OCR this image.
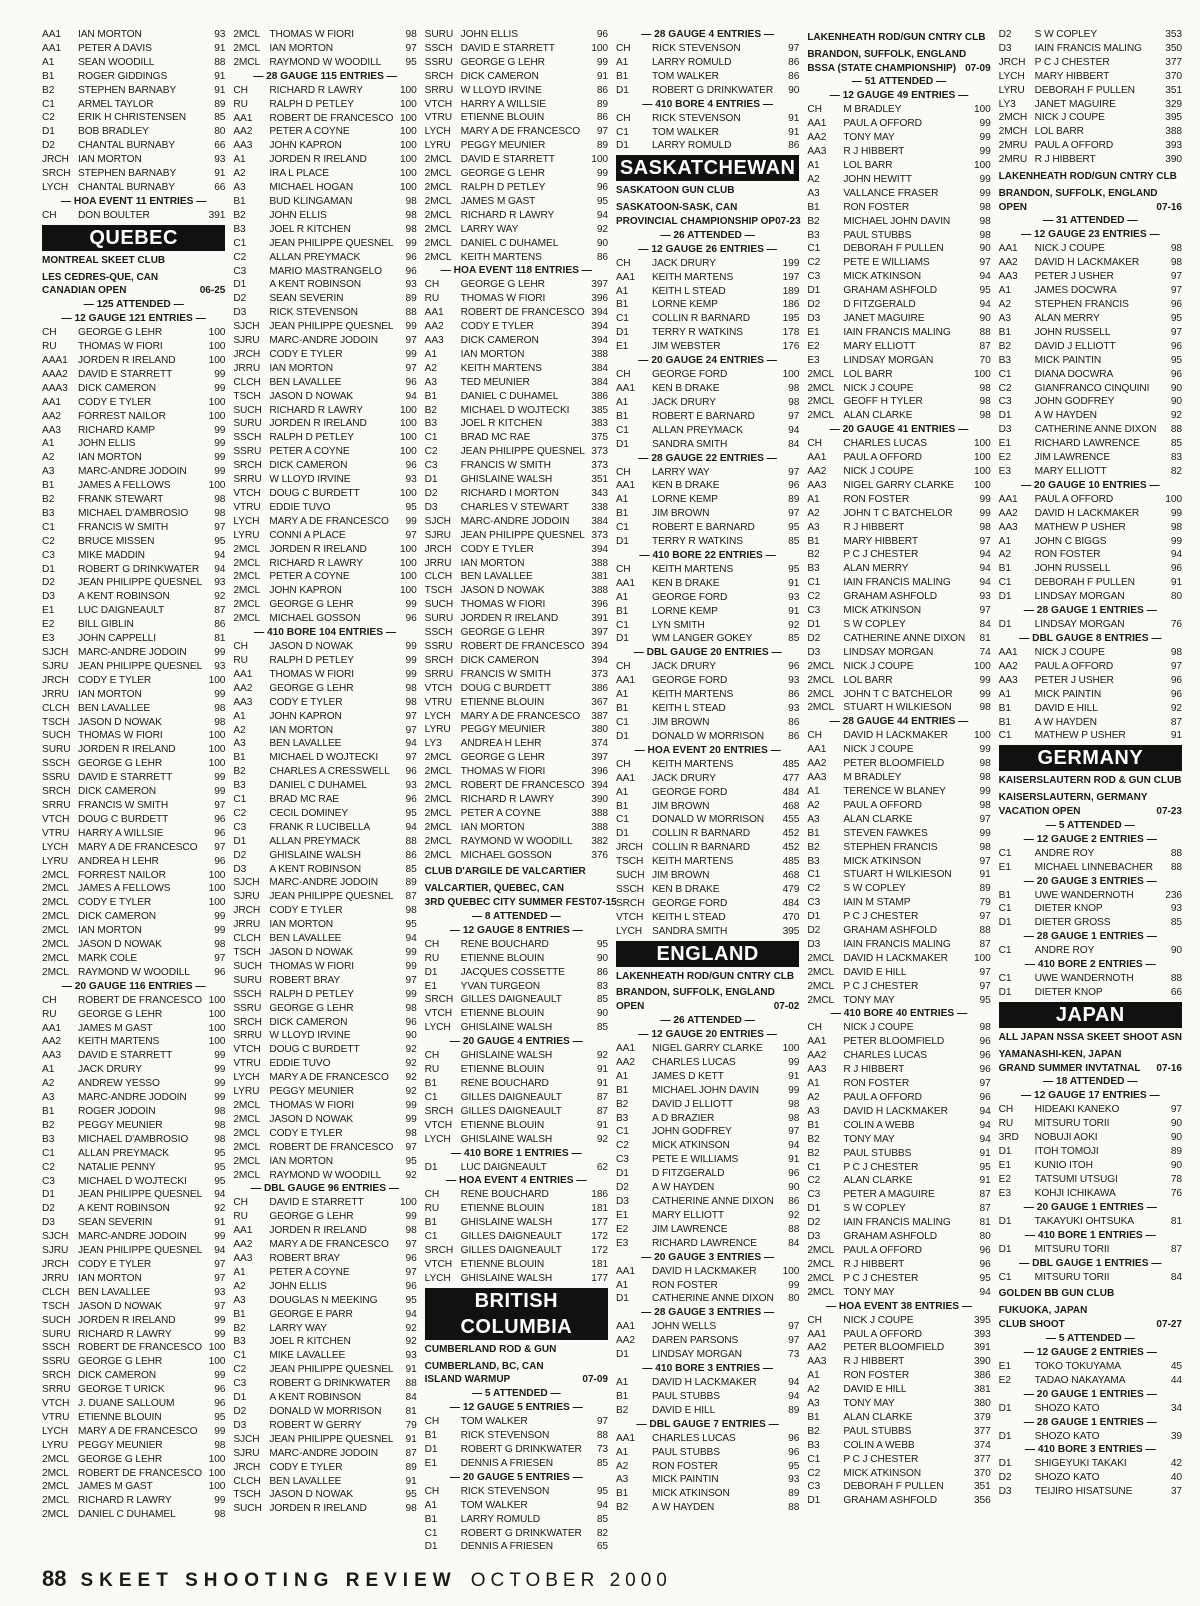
AA1	IAN MORTON	93
AA1	PETER A DAVIS	91
A1	SEAN WOODILL	88
B1	ROGER GIDDINGS	91
B2	STEPHEN BARNABY	91
C1	ARMEL TAYLOR	89
C2	ERIK H CHRISTENSEN	85
D1	BOB BRADLEY	80
D2	CHANTAL BURNABY	66
JRCH IAN MORTON	93
SRCH STEPHEN BARNABY	91
LYCH CHANTAL BURNABY	66
— HOA EVENT 11 ENTRIES —
CH	DON BOULTER	391
QUEBEC
MONTREAL SKEET CLUB
LES CEDRES-QUE, CAN
CANADIAN OPEN	06-25
— 125 ATTENDED —
— 12 GAUGE 121 ENTRIES —
CH	GEORGE G LEHR	100
RU	THOMAS W FIORI	100
AAA1	JORDEN R IRELAND	100
AAA2	DAVID E STARRETT	99
AAA3	DICK CAMERON	99
AA1	CODY E TYLER	100
AA2	FORREST NAILOR	100
AA3	RICHARD KAMP	99
A1	JOHN ELLIS	99
A2	IAN MORTON	99
A3	MARC-ANDRE JODOIN	99
B1	JAMES A FELLOWS	100
B2	FRANK STEWART	98
B3	MICHAEL D'AMBROSIO	98
C1	FRANCIS W SMITH	97
C2	BRUCE MISSEN	95
C3	MIKE MADDIN	94
D1	ROBERT G DRINKWATER	94
D2	JEAN PHILIPPE QUESNEL	93
D3	A KENT ROBINSON	92
E1	LUC DAIGNEAULT	87
E2	BILL GIBLIN	86
E3	JOHN CAPPELLI	81
SJCH MARC-ANDRE JODOIN	99
SJRU JEAN PHILIPPE QUESNEL	93
JRCH CODY E TYLER	100
JRRU IAN MORTON	99
CLCH BEN LAVALLEE	98
TSCH JASON D NOWAK	98
SUCH THOMAS W FIORI	100
SURU JORDEN R IRELAND	100
SSCH GEORGE G LEHR	100
SSRU DAVID E STARRETT	99
SRCH DICK CAMERON	99
SRRU FRANCIS W SMITH	97
VTCH DOUG C BURDETT	96
VTRU HARRY A WILLSIE	96
LYCH MARY A DE FRANCESCO	97
LYRU ANDREA H LEHR	96
2MCL FORREST NAILOR	100
2MCL JAMES A FELLOWS	100
2MCL CODY E TYLER	100
2MCL DICK CAMERON	99
2MCL IAN MORTON	99
2MCL JASON D NOWAK	98
2MCL MARK COLE	97
2MCL RAYMOND W WOODILL	96
— 20 GAUGE 116 ENTRIES —
CH	ROBERT DE FRANCESCO 100
RU	GEORGE G LEHR	100
AA1	JAMES M GAST	100
AA2	KEITH MARTENS	100
AA3	DAVID E STARRETT	99
A1	JACK DRURY	99
A2	ANDREW YESSO	99
A3	MARC-ANDRE JODOIN	99
B1	ROGER JODOIN	98
B2	PEGGY MEUNIER	98
B3	MICHAEL D'AMBROSIO	98
C1	ALLAN PREYMACK	95
C2	NATALIE PENNY	95
C3	MICHAEL D WOJTECKI	95
D1	JEAN PHILIPPE QUESNEL	94
D2	A KENT ROBINSON	92
D3	SEAN SEVERIN	91
SJCH MARC-ANDRE JODOIN	99
SJRU JEAN PHILIPPE QUESNEL	94
JRCH CODY E TYLER	97
JRRU IAN MORTON	97
CLCH BEN LAVALLEE	93
TSCH JASON D NOWAK	97
SUCH JORDEN R IRELAND	99
SURU RICHARD R LAWRY	99
SSCH ROBERT DE FRANCESCO 100
SSRU GEORGE G LEHR	100
SRCH DICK CAMERON	99
SRRU GEORGE T URICK	96
VTCH J. DUANE SALLOUM	96
VTRU ETIENNE BLOUIN	95
LYCH MARY A DE FRANCESCO	99
LYRU PEGGY MEUNIER	98
2MCL GEORGE G LEHR	100
2MCL ROBERT DE FRANCESCO 100
2MCL JAMES M GAST	100
2MCL RICHARD R LAWRY	99
2MCL DANIEL C DUHAMEL	98
2MCL THOMAS W FIORI	98
2MCL IAN MORTON	97
2MCL RAYMOND W WOODILL	95
— 28 GAUGE 115 ENTRIES —
CH	RICHARD R LAWRY	100
RU	RALPH D PETLEY	100
AA1	ROBERT DE FRANCESCO 100
AA2	PETER A COYNE	100
AA3	JOHN KAPRON	100
A1	JORDEN R IRELAND	100
A2	IRA L PLACE	100
A3	MICHAEL HOGAN	100
B1	BUD KLINGAMAN	98
B2	JOHN ELLIS	98
B3	JOEL R KITCHEN	98
C1	JEAN PHILIPPE QUESNEL	99
C2	ALLAN PREYMACK	96
C3	MARIO MASTRANGELO	96
D1	A KENT ROBINSON	93
D2	SEAN SEVERIN	89
D3	RICK STEVENSON	88
SJCH JEAN PHILIPPE QUESNEL	99
SJRU MARC-ANDRE JODOIN	97
JRCH CODY E TYLER	99
JRRU IAN MORTON	97
CLCH BEN LAVALLEE	96
TSCH JASON D NOWAK	94
SUCH RICHARD R LAWRY	100
SURU JORDEN R IRELAND	100
SSCH RALPH D PETLEY	100
SSRU PETER A COYNE	100
SRCH DICK CAMERON	96
SRRU W LLOYD IRVINE	93
VTCH DOUG C BURDETT	100
VTRU EDDIE TUVO	95
LYCH MARY A DE FRANCESCO	99
LYRU CONNI A PLACE	97
2MCL JORDEN R IRELAND	100
2MCL RICHARD R LAWRY	100
2MCL PETER A COYNE	100
2MCL JOHN KAPRON	100
2MCL GEORGE G LEHR	99
2MCL MICHAEL GOSSON	96
— 410 BORE 104 ENTRIES —
CH	JASON D NOWAK	99
RU	RALPH D PETLEY	99
AA1	THOMAS W FIORI	99
AA2	GEORGE G LEHR	98
AA3	CODY E TYLER	98
A1	JOHN KAPRON	97
A2	IAN MORTON	97
A3	BEN LAVALLEE	94
B1	MICHAEL D WOJTECKI	97
B2	CHARLES A CRESSWELL	96
B3	DANIEL C DUHAMEL	93
C1	BRAD MC RAE	96
C2	CECIL DOMINEY	95
C3	FRANK R LUCIBELLA	94
D1	ALLAN PREYMACK	88
D2	GHISLAINE WALSH	86
D3	A KENT ROBINSON	85
SJCH MARC-ANDRE JODOIN	89
SJRU JEAN PHILIPPE QUESNEL	87
JRCH CODY E TYLER	98
JRRU IAN MORTON	95
CLCH BEN LAVALLEE	94
TSCH JASON D NOWAK	99
SUCH THOMAS W FIORI	99
SURU ROBERT BRAY	97
SSCH RALPH D PETLEY	99
SSRU GEORGE G LEHR	98
SRCH DICK CAMERON	96
SRRU W LLOYD IRVINE	90
VTCH DOUG C BURDETT	92
VTRU EDDIE TUVO	92
LYCH MARY A DE FRANCESCO	92
LYRU PEGGY MEUNIER	92
2MCL THOMAS W FIORI	99
2MCL JASON D NOWAK	99
2MCL CODY E TYLER	98
2MCL ROBERT DE FRANCESCO	97
2MCL IAN MORTON	95
2MCL RAYMOND W WOODILL	92
— DBL GAUGE 96 ENTRIES —
CH	DAVID E STARRETT	100
RU	GEORGE G LEHR	99
AA1	JORDEN R IRELAND	98
AA2	MARY A DE FRANCESCO	97
AA3	ROBERT BRAY	96
A1	PETER A COYNE	97
A2	JOHN ELLIS	96
A3	DOUGLAS N MEEKING	95
B1	GEORGE E PARR	94
B2	LARRY WAY	92
B3	JOEL R KITCHEN	92
C1	MIKE LAVALLEE	93
C2	JEAN PHILIPPE QUESNEL	91
C3	ROBERT G DRINKWATER	88
D1	A KENT ROBINSON	84
D2	DONALD W MORRISON	81
D3	ROBERT W GERRY	79
SJCH JEAN PHILIPPE QUESNEL	91
SJRU MARC-ANDRE JODOIN	87
JRCH CODY E TYLER	89
CLCH BEN LAVALLEE	91
TSCH JASON D NOWAK	95
SUCH JORDEN R IRELAND	98
SURU JOHN ELLIS	96
SSCH DAVID E STARRETT	100
SSRU GEORGE G LEHR	99
SRCH DICK CAMERON	91
SRRU W LLOYD IRVINE	86
VTCH HARRY A WILLSIE	89
VTRU ETIENNE BLOUIN	86
LYCH MARY A DE FRANCESCO	97
LYRU PEGGY MEUNIER	89
2MCL DAVID E STARRETT	100
2MCL GEORGE G LEHR	99
2MCL RALPH D PETLEY	96
2MCL JAMES M GAST	95
2MCL RICHARD R LAWRY	94
2MCL LARRY WAY	92
2MCL DANIEL C DUHAMEL	90
2MCL KEITH MARTENS	86
— HOA EVENT 118 ENTRIES —
CH	GEORGE G LEHR	397
RU	THOMAS W FIORI	396
AA1	ROBERT DE FRANCESCO 394
AA2	CODY E TYLER	394
AA3	DICK CAMERON	394
A1	IAN MORTON	388
A2	KEITH MARTENS	384
A3	TED MEUNIER	384
B1	DANIEL C DUHAMEL	386
B2	MICHAEL D WOJTECKI	385
B3	JOEL R KITCHEN	383
C1	BRAD MC RAE	375
C2	JEAN PHILIPPE QUESNEL 373
C3	FRANCIS W SMITH	373
D1	GHISLAINE WALSH	351
D2	RICHARD I MORTON	343
D3	CHARLES V STEWART	338
SJCH MARC-ANDRE JODOIN	384
SJRU JEAN PHILIPPE QUESNEL 373
JRCH CODY E TYLER	394
JRRU IAN MORTON	388
CLCH BEN LAVALLEE	381
TSCH JASON D NOWAK	388
SUCH THOMAS W FIORI	396
SURU JORDEN R IRELAND	391
SSCH GEORGE G LEHR	397
SSRU ROBERT DE FRANCESCO 394
SRCH DICK CAMERON	394
SRRU FRANCIS W SMITH	373
VTCH DOUG C BURDETT	386
VTRU ETIENNE BLOUIN	367
LYCH MARY A DE FRANCESCO	387
LYRU PEGGY MEUNIER	380
LY3	ANDREA H LEHR	374
2MCL GEORGE G LEHR	397
2MCL THOMAS W FIORI	396
2MCL ROBERT DE FRANCESCO 394
2MCL RICHARD R LAWRY	390
2MCL PETER A COYNE	388
2MCL IAN MORTON	388
2MCL RAYMOND W WOODILL	382
2MCL MICHAEL GOSSON	376
CLUB D'ARGILE DE VALCARTIER
VALCARTIER, QUEBEC, CAN
3RD QUEBEC CITY SUMMER FEST 07-15
— 8 ATTENDED —
— 12 GAUGE 8 ENTRIES —
CH	RENE BOUCHARD	95
RU	ETIENNE BLOUIN	90
D1	JACQUES COSSETTE	86
E1	YVAN TURGEON	83
SRCH GILLES DAIGNEAULT	85
VTCH ETIENNE BLOUIN	90
LYCH GHISLAINE WALSH	85
— 20 GAUGE 4 ENTRIES —
CH	GHISLAINE WALSH	92
RU	ETIENNE BLOUIN	91
B1	RENE BOUCHARD	91
C1	GILLES DAIGNEAULT	87
SRCH GILLES DAIGNEAULT	87
VTCH ETIENNE BLOUIN	91
LYCH GHISLAINE WALSH	92
— 410 BORE 1 ENTRIES —
D1	LUC DAIGNEAULT	62
— HOA EVENT 4 ENTRIES —
CH	RENE BOUCHARD	186
RU	ETIENNE BLOUIN	181
B1	GHISLAINE WALSH	177
C1	GILLES DAIGNEAULT	172
SRCH GILLES DAIGNEAULT	172
VTCH ETIENNE BLOUIN	181
LYCH GHISLAINE WALSH	177
BRITISH COLUMBIA
CUMBERLAND ROD & GUN
CUMBERLAND, BC, CAN
ISLAND WARMUP	07-09
— 5 ATTENDED —
— 12 GAUGE 5 ENTRIES —
CH	TOM WALKER	97
B1	RICK STEVENSON	88
D1	ROBERT G DRINKWATER	73
E1	DENNIS A FRIESEN	85
— 20 GAUGE 5 ENTRIES —
CH	RICK STEVENSON	95
A1	TOM WALKER	94
B1	LARRY ROMULD	85
C1	ROBERT G DRINKWATER	82
D1	DENNIS A FRIESEN	65
— 28 GAUGE 4 ENTRIES —
CH	RICK STEVENSON	97
A1	LARRY ROMULD	86
B1	TOM WALKER	86
D1	ROBERT G DRINKWATER	90
— 410 BORE 4 ENTRIES —
CH	RICK STEVENSON	91
C1	TOM WALKER	91
D1	LARRY ROMULD	86
SASKATCHEWAN
SASKATOON GUN CLUB
SASKATOON-SASK, CAN
PROVINCIAL CHAMPIONSHIP OP 07-23
— 26 ATTENDED —
— 12 GAUGE 26 ENTRIES —
CH	JACK DRURY	199
AA1	KEITH MARTENS	197
A1	KEITH L STEAD	189
B1	LORNE KEMP	186
C1	COLLIN R BARNARD	195
D1	TERRY R WATKINS	178
E1	JIM WEBSTER	176
— 20 GAUGE 24 ENTRIES —
CH	GEORGE FORD	100
AA1	KEN B DRAKE	98
A1	JACK DRURY	98
B1	ROBERT E BARNARD	97
C1	ALLAN PREYMACK	94
D1	SANDRA SMITH	84
— 28 GAUGE 22 ENTRIES —
CH	LARRY WAY	97
AA1	KEN B DRAKE	96
A1	LORNE KEMP	89
B1	JIM BROWN	97
C1	ROBERT E BARNARD	95
D1	TERRY R WATKINS	85
— 410 BORE 22 ENTRIES —
CH	KEITH MARTENS	95
AA1	KEN B DRAKE	91
A1	GEORGE FORD	93
B1	LORNE KEMP	91
C1	LYN SMITH	92
D1	WM LANGER GOKEY	85
— DBL GAUGE 20 ENTRIES —
CH	JACK DRURY	96
AA1	GEORGE FORD	93
A1	KEITH MARTENS	86
B1	KEITH L STEAD	93
C1	JIM BROWN	86
D1	DONALD W MORRISON	86
— HOA EVENT 20 ENTRIES —
CH	KEITH MARTENS	485
AA1	JACK DRURY	477
A1	GEORGE FORD	484
B1	JIM BROWN	468
C1	DONALD W MORRISON	455
D1	COLLIN R BARNARD	452
JRCH COLLIN R BARNARD	452
TSCH KEITH MARTENS	485
SUCH JIM BROWN	468
SSCH KEN B DRAKE	479
SRCH GEORGE FORD	484
VTCH KEITH L STEAD	470
LYCH SANDRA SMITH	395
ENGLAND
LAKENHEATH ROD/GUN CNTRY CLB
BRANDON, SUFFOLK, ENGLAND
OPEN	07-02
— 26 ATTENDED —
— 12 GAUGE 20 ENTRIES —
AA1	NIGEL GARRY CLARKE	100
AA2	CHARLES LUCAS	99
A1	JAMES D KETT	91
B1	MICHAEL JOHN DAVIN	99
B2	DAVID J ELLIOTT	98
B3	A D BRAZIER	98
C1	JOHN GODFREY	97
C2	MICK ATKINSON	94
C3	PETE E WILLIAMS	91
D1	D FITZGERALD	96
D2	A W HAYDEN	90
D3	CATHERINE ANNE DIXON	86
E1	MARY ELLIOTT	92
E2	JIM LAWRENCE	88
E3	RICHARD LAWRENCE	84
— 20 GAUGE 3 ENTRIES —
AA1	DAVID H LACKMAKER	100
A1	RON FOSTER	99
D1	CATHERINE ANNE DIXON	80
— 28 GAUGE 3 ENTRIES —
AA1	JOHN WELLS	97
AA2	DAREN PARSONS	97
D1	LINDSAY MORGAN	73
— 410 BORE 3 ENTRIES —
A1	DAVID H LACKMAKER	94
B1	PAUL STUBBS	94
B2	DAVID E HILL	89
— DBL GAUGE 7 ENTRIES —
AA1	CHARLES LUCAS	96
A1	PAUL STUBBS	96
A2	RON FOSTER	95
A3	MICK PAINTIN	93
B1	MICK ATKINSON	89
B2	A W HAYDEN	88
LAKENHEATH ROD/GUN CNTRY CLB
BRANDON, SUFFOLK, ENGLAND
BSSA (STATE CHAMPIONSHIP) 07-09
— 51 ATTENDED —
— 12 GAUGE 49 ENTRIES —
CH	M BRADLEY	100
AA1	PAUL A OFFORD	99
AA2	TONY MAY	99
AA3	R J HIBBERT	99
A1	LOL BARR	100
A2	JOHN HEWITT	99
A3	VALLANCE FRASER	99
B1	RON FOSTER	98
B2	MICHAEL JOHN DAVIN	98
B3	PAUL STUBBS	98
C1	DEBORAH F PULLEN	90
C2	PETE E WILLIAMS	97
C3	MICK ATKINSON	94
D1	GRAHAM ASHFOLD	95
D2	D FITZGERALD	94
D3	JANET MAGUIRE	90
E1	IAIN FRANCIS MALING	88
E2	MARY ELLIOTT	87
E3	LINDSAY MORGAN	70
2MCL LOL BARR	100
2MCL NICK J COUPE	98
2MCL GEOFF H TYLER	98
2MCL ALAN CLARKE	98
— 20 GAUGE 41 ENTRIES —
CH	CHARLES LUCAS	100
AA1	PAUL A OFFORD	100
AA2	NICK J COUPE	100
AA3	NIGEL GARRY CLARKE	100
A1	RON FOSTER	99
A2	JOHN T C BATCHELOR	99
A3	R J HIBBERT	98
B1	MARY HIBBERT	97
B2	P C J CHESTER	94
B3	ALAN MERRY	94
C1	IAIN FRANCIS MALING	94
C2	GRAHAM ASHFOLD	93
C3	MICK ATKINSON	97
D1	S W COPLEY	84
D2	CATHERINE ANNE DIXON	81
D3	LINDSAY MORGAN	74
2MCL NICK J COUPE	100
2MCL LOL BARR	99
2MCL JOHN T C BATCHELOR	99
2MCL STUART H WILKIESON	98
— 28 GAUGE 44 ENTRIES —
CH	DAVID H LACKMAKER	100
AA1	NICK J COUPE	99
AA2	PETER BLOOMFIELD	98
AA3	M BRADLEY	98
A1	TERENCE W BLANEY	99
A2	PAUL A OFFORD	98
A3	ALAN CLARKE	97
B1	STEVEN FAWKES	99
B2	STEPHEN FRANCIS	98
B3	MICK ATKINSON	97
C1	STUART H WILKIESON	91
C2	S W COPLEY	89
C3	IAIN M STAMP	79
D1	P C J CHESTER	97
D2	GRAHAM ASHFOLD	88
D3	IAIN FRANCIS MALING	87
2MCL DAVID H LACKMAKER	100
2MCL DAVID E HILL	97
2MCL P C J CHESTER	97
2MCL TONY MAY	95
— 410 BORE 40 ENTRIES —
CH	NICK J COUPE	98
AA1	PETER BLOOMFIELD	96
AA2	CHARLES LUCAS	96
AA3	R J HIBBERT	96
A1	RON FOSTER	97
A2	PAUL A OFFORD	96
A3	DAVID H LACKMAKER	94
B1	COLIN A WEBB	94
B2	TONY MAY	94
B2	PAUL STUBBS	91
C1	P C J CHESTER	95
C2	ALAN CLARKE	91
C3	PETER A MAGUIRE	87
D1	S W COPLEY	87
D2	IAIN FRANCIS MALING	81
D3	GRAHAM ASHFOLD	80
2MCL PAUL A OFFORD	96
2MCL R J HIBBERT	96
2MCL P C J CHESTER	95
2MCL TONY MAY	94
— HOA EVENT 38 ENTRIES —
CH	NICK J COUPE	395
AA1	PAUL A OFFORD	393
AA2	PETER BLOOMFIELD	391
AA3	R J HIBBERT	390
A1	RON FOSTER	386
A2	DAVID E HILL	381
A3	TONY MAY	380
B1	ALAN CLARKE	379
B2	PAUL STUBBS	377
B3	COLIN A WEBB	374
C1	P C J CHESTER	377
C2	MICK ATKINSON	370
C3	DEBORAH F PULLEN	351
D1	GRAHAM ASHFOLD	356
D2	S W COPLEY	353
D3	IAIN FRANCIS MALING	350
JRCH P C J CHESTER	377
LYCH MARY HIBBERT	370
LYRU DEBORAH F PULLEN	351
LY3	JANET MAGUIRE	329
2MCH NICK J COUPE	395
2MCH LOL BARR	388
2MRU PAUL A OFFORD	393
2MRU R J HIBBERT	390
LAKENHEATH ROD/GUN CNTRY CLB
BRANDON, SUFFOLK, ENGLAND
OPEN	07-16
— 31 ATTENDED —
— 12 GAUGE 23 ENTRIES —
AA1	NICK J COUPE	98
AA2	DAVID H LACKMAKER	98
AA3	PETER J USHER	97
A1	JAMES DOCWRA	97
A2	STEPHEN FRANCIS	96
A3	ALAN MERRY	95
B1	JOHN RUSSELL	97
B2	DAVID J ELLIOTT	96
B3	MICK PAINTIN	95
C1	DIANA DOCWRA	96
C2	GIANFRANCO CINQUINI	90
C3	JOHN GODFREY	90
D1	A W HAYDEN	92
D3	CATHERINE ANNE DIXON	88
E1	RICHARD LAWRENCE	85
E2	JIM LAWRENCE	83
E3	MARY ELLIOTT	82
— 20 GAUGE 10 ENTRIES —
AA1	PAUL A OFFORD	100
AA2	DAVID H LACKMAKER	99
AA3	MATHEW P USHER	98
A1	JOHN C BIGGS	99
A2	RON FOSTER	94
B1	JOHN RUSSELL	96
C1	DEBORAH F PULLEN	91
D1	LINDSAY MORGAN	80
— 28 GAUGE 1 ENTRIES —
D1	LINDSAY MORGAN	76
— DBL GAUGE 8 ENTRIES —
AA1	NICK J COUPE	98
AA2	PAUL A OFFORD	97
AA3	PETER J USHER	96
A1	MICK PAINTIN	96
B1	DAVID E HILL	92
B1	A W HAYDEN	87
C1	MATHEW P USHER	91
GERMANY
KAISERSLAUTERN ROD & GUN CLUB
KAISERSLAUTERN, GERMANY
VACATION OPEN	07-23
— 5 ATTENDED —
— 12 GAUGE 2 ENTRIES —
C1	ANDRE ROY	88
E1	MICHAEL LINNEBACHER	88
— 20 GAUGE 3 ENTRIES —
B1	UWE WANDERNOTH	236
C1	DIETER KNOP	93
D1	DIETER GROSS	85
— 28 GAUGE 1 ENTRIES —
C1	ANDRE ROY	90
— 410 BORE 2 ENTRIES —
C1	UWE WANDERNOTH	88
D1	DIETER KNOP	66
JAPAN
ALL JAPAN NSSA SKEET SHOOT ASN
YAMANASHI-KEN, JAPAN
GRAND SUMMER INVTATNAL 07-16
— 18 ATTENDED —
— 12 GAUGE 17 ENTRIES —
CH	HIDEAKI KANEKO	97
RU	MITSURU TORII	90
3RD	NOBUJI AOKI	90
D1	ITOH TOMOJI	89
E1	KUNIO ITOH	90
E2	TATSUMI UTSUGI	78
E3	KOHJI ICHIKAWA	76
— 20 GAUGE 1 ENTRIES —
D1	TAKAYUKI OHTSUKA	81
— 410 BORE 1 ENTRIES —
D1	MITSURU TORII	87
— DBL GAUGE 1 ENTRIES —
C1	MITSURU TORII	84
GOLDEN BB GUN CLUB
FUKUOKA, JAPAN
CLUB SHOOT	07-27
— 5 ATTENDED —
— 12 GAUGE 2 ENTRIES —
E1	TOKO TOKUYAMA	45
E2	TADAO NAKAYAMA	44
— 20 GAUGE 1 ENTRIES —
D1	SHOZO KATO	34
— 28 GAUGE 1 ENTRIES —
D1	SHOZO KATO	39
— 410 BORE 3 ENTRIES —
D1	SHIGEYUKI TAKAKI	42
D2	SHOZO KATO	40
D3	TEIJIRO HISATSUNE	37
88 SKEET SHOOTING REVIEW OCTOBER 2000
